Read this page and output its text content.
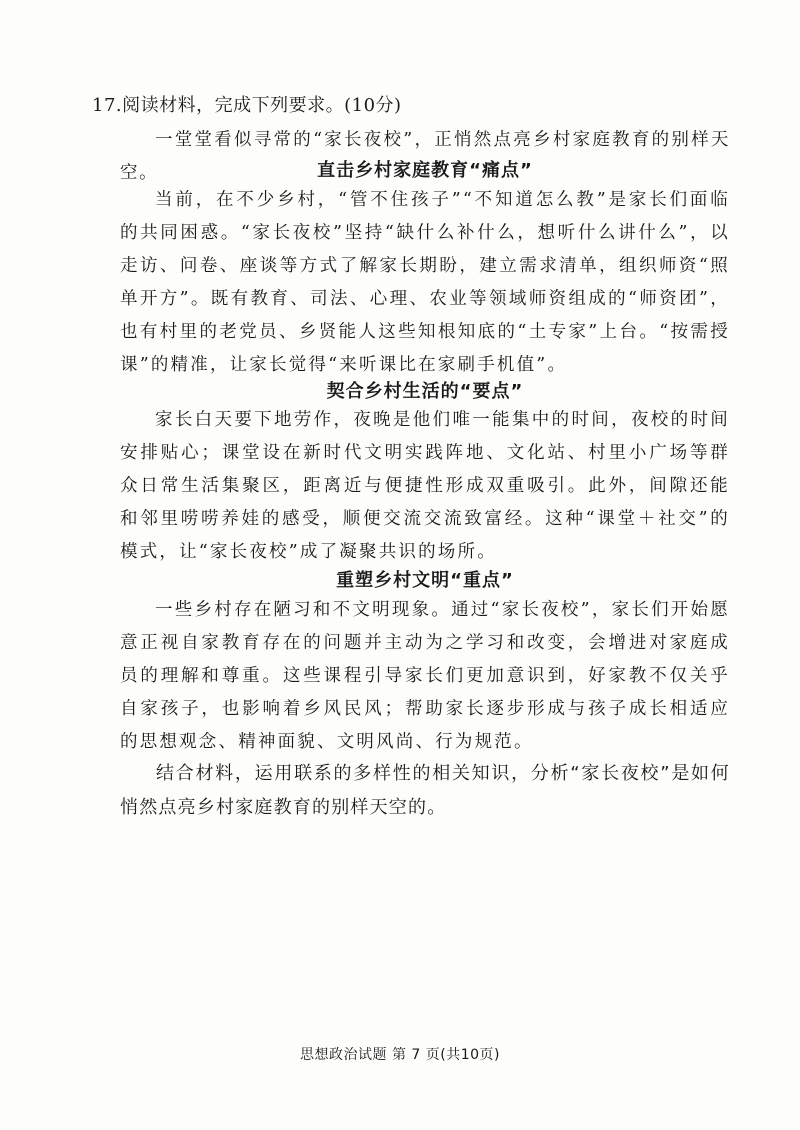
17.阅读材料，完成下列要求。(10分)

一堂堂看似寻常的“家长夜校”，正悄然点亮乡村家庭教育的别样天空。	直击乡村家庭教育“痛点”

当前，在不少乡村，“管不住孩子”“不知道怎么教”是家长们面临的共同困惑。“家长夜校”坚持“缺什么补什么，想听什么讲什么”，以走访、问卷、座谈等方式了解家长期盼，建立需求清单，组织师资“照单开方”。既有教育、司法、心理、农业等领域师资组成的“师资团”，也有村里的老党员、乡贤能人这些知根知底的“土专家”上台。“按需授课”的精准，让家长觉得“来听课比在家刷手机值”。

契合乡村生活的“要点”

家长白天要下地劳作，夜晚是他们唯一能集中的时间，夜校的时间安排贴心；课堂设在新时代文明实践阵地、文化站、村里小广场等群众日常生活集聚区，距离近与便捷性形成双重吸引。此外，间隙还能和邻里唠唠养娃的感受，顺便交流交流致富经。这种“课堂＋社交”的模式，让“家长夜校”成了凝聚共识的场所。

重塑乡村文明“重点”

一些乡村存在陋习和不文明现象。通过“家长夜校”，家长们开始愿意正视自家教育存在的问题并主动为之学习和改变，会增进对家庭成员的理解和尊重。这些课程引导家长们更加意识到，好家教不仅关乎自家孩子，也影响着乡风民风；帮助家长逐步形成与孩子成长相适应的思想观念、精神面貌、文明风尚、行为规范。

结合材料，运用联系的多样性的相关知识，分析“家长夜校”是如何悄然点亮乡村家庭教育的别样天空的。

思想政治试题 第 7 页(共10页)
